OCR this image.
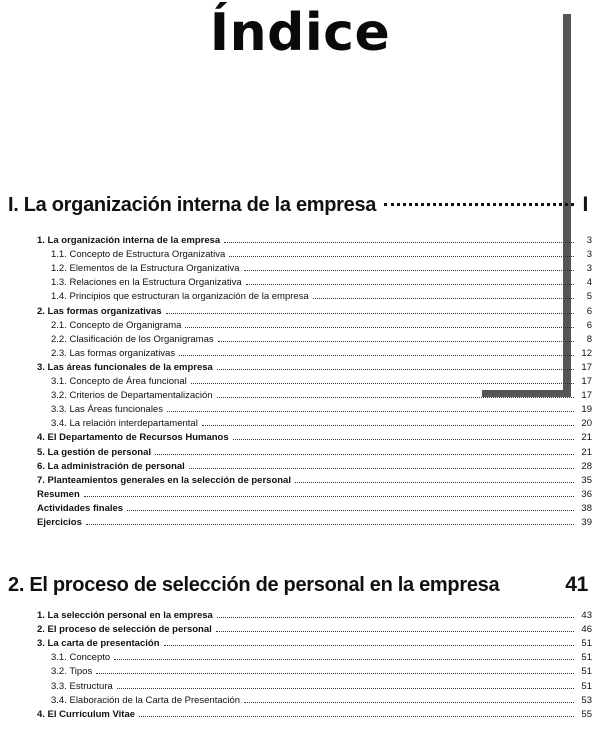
Índice
I. La organización interna de la empresa	I
1. La organización interna de la empresa	3
1.1. Concepto de Estructura Organizativa	3
1.2. Elementos de la Estructura Organizativa	3
1.3. Relaciones en la Estructura Organizativa	4
1.4. Principios que estructuran la organización de la empresa	5
2. Las formas organizativas	6
2.1. Concepto de Organigrama	6
2.2. Clasificación de los Organigramas	8
2.3. Las formas organizativas	12
3. Las áreas funcionales de la empresa	17
3.1. Concepto de Área funcional	17
3.2. Criterios de Departamentalización	17
3.3. Las Áreas funcionales	19
3.4. La relación interdepartamental	20
4. El Departamento de Recursos Humanos	21
5. La gestión de personal	21
6. La administración de personal	28
7. Planteamientos generales en la selección de personal	35
Resumen	36
Actividades finales	38
Ejercicios	39
2. El proceso de selección de personal en la empresa	41
1. La selección personal en la empresa	43
2. El proceso de selección de personal	46
3. La carta de presentación	51
3.1. Concepto	51
3.2. Tipos	51
3.3. Estructura	51
3.4. Elaboración de la Carta de Presentación	53
4. El Currículum Vitae	55
